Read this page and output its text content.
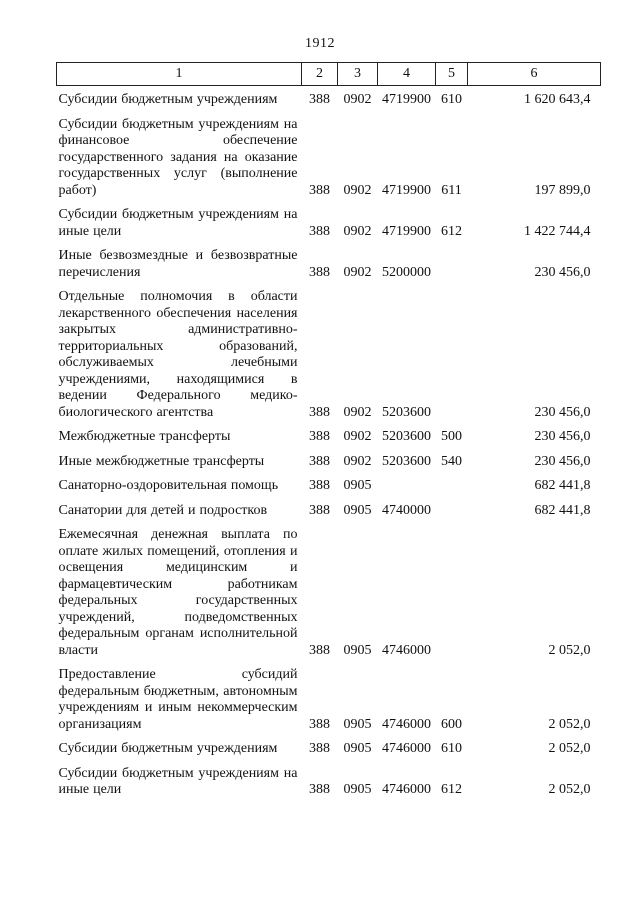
1912
1	2	3	4	5	6
Субсидии бюджетным учреждениям	388	0902	4719900	610	1 620 643,4
Субсидии бюджетным учреждениям на финансовое обеспечение государственного задания на оказание государственных услуг (выполнение работ)	388	0902	4719900	611	197 899,0
Субсидии бюджетным учреждениям на иные цели	388	0902	4719900	612	1 422 744,4
Иные безвозмездные и безвозвратные перечисления	388	0902	5200000		230 456,0
Отдельные полномочия в области лекарственного обеспечения населения закрытых административно-территориальных образований, обслуживаемых лечебными учреждениями, находящимися в ведении Федерального медико-биологического агентства	388	0902	5203600		230 456,0
Межбюджетные трансферты	388	0902	5203600	500	230 456,0
Иные межбюджетные трансферты	388	0902	5203600	540	230 456,0
Санаторно-оздоровительная помощь	388	0905			682 441,8
Санатории для детей и подростков	388	0905	4740000		682 441,8
Ежемесячная денежная выплата по оплате жилых помещений, отопления и освещения медицинским и фармацевтическим работникам федеральных государственных учреждений, подведомственных федеральным органам исполнительной власти	388	0905	4746000		2 052,0
Предоставление субсидий федеральным бюджетным, автономным учреждениям и иным некоммерческим организациям	388	0905	4746000	600	2 052,0
Субсидии бюджетным учреждениям	388	0905	4746000	610	2 052,0
Субсидии бюджетным учреждениям на иные цели	388	0905	4746000	612	2 052,0
